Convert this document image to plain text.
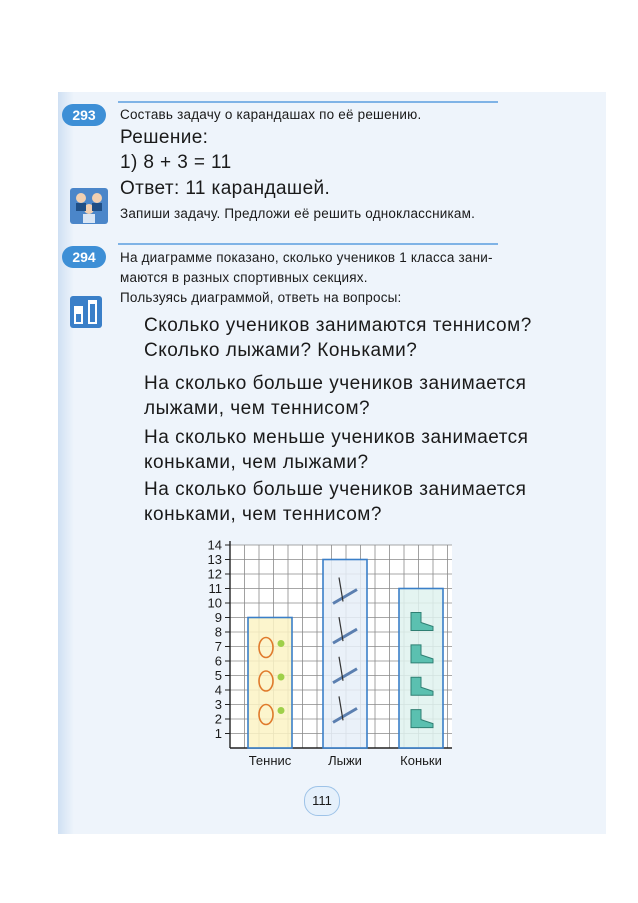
293	Составь задачу о карандашах по её решению.
Решение:
1) 8 + 3 = 11
Ответ: 11 карандашей.
Запиши задачу. Предложи её решить одноклассникам.
294	На диаграмме показано, сколько учеников 1 класса зани-
маются в разных спортивных секциях.
Пользуясь диаграммой, ответь на вопросы:
Сколько учеников занимаются теннисом?
Сколько лыжами? Коньками?
На сколько больше учеников занимается
лыжами, чем теннисом?
На сколько меньше учеников занимается
коньками, чем лыжами?
На сколько больше учеников занимается
коньками, чем теннисом?
1
2
3
4
5
6
7
8
9
10
11
12
13
14
Теннис	Лыжи	Коньки
111
